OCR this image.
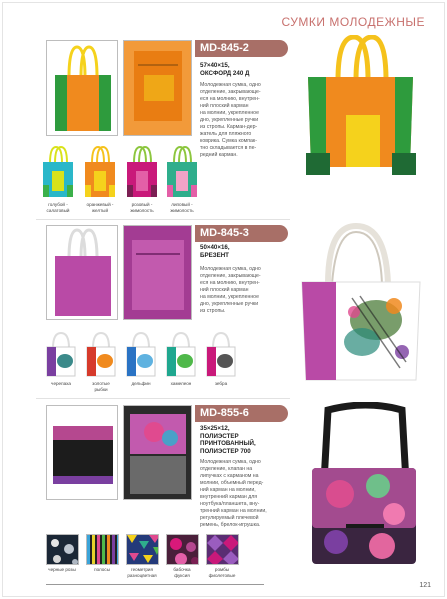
СУМКИ МОЛОДЕЖНЫЕ
MD-845-2
57×40×15,
ОКСФОРД 240 Д
Молодежная сумка, одно
отделение, закрывающе-
еся на молнию, внутрен-
ний плоский карман
на молнии, укрепленное
дно, укрепленные ручки
из стропы. Карман-дер-
жатель для пляжного
коврика. Сумка компак-
тно складывается в пе-
редний карман.
голубой -
салатовый
оранжевый -
желтый
розовый -
жимолость
липовый -
жимолость
MD-845-3
50×40×16,
БРЕЗЕНТ
Молодежная сумка, одно
отделение, закрывающе-
еся на молнию, внутрен-
ний плоский карман
на молнии, укрепленное
дно, укрепленные ручки
из стропы.
черепаха	золотые
рыбки
дельфин	хамелеон	зебра
MD-855-6
35×25×12,
ПОЛИЭСТЕР
ПРИНТОВАННЫЙ,
ПОЛИЭСТЕР 700
Молодежная сумка, одно
отделение, клапан на
липучках с карманом на
молнии, объемный перед-
ний карман на молнии,
внутренний карман для
ноутбука/планшета, вну-
тренний карман на молнии,
регулируемый плечевой
ремень, брелок-игрушка.
черные розы	полосы	геометрия
разноцветная
бабочка
фуксия
ромбы
фиолетовые
121
